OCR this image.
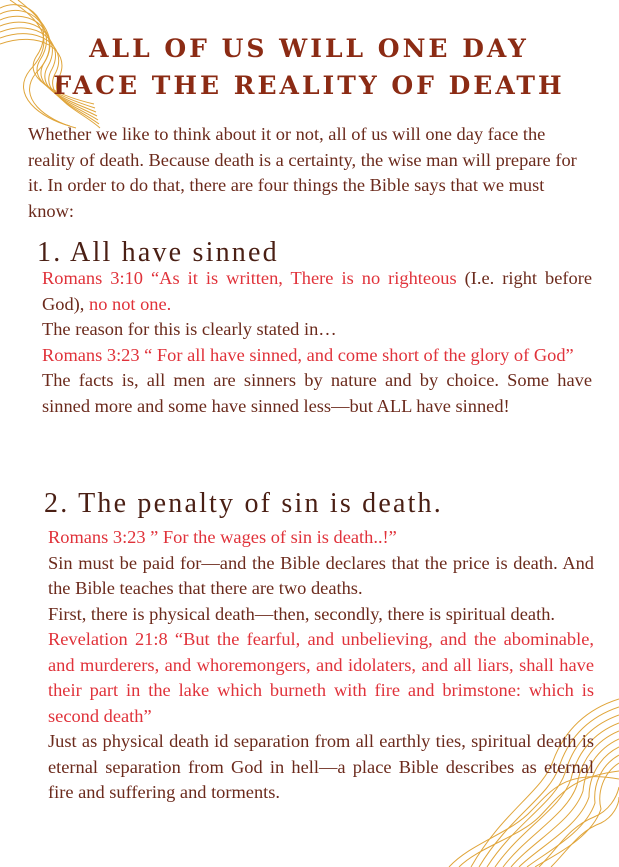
ALL OF US WILL ONE DAY
FACE THE REALITY OF DEATH
Whether we like to think about it or not, all of us will one day face the reality of death. Because death is a certainty, the wise man will prepare for it. In order to do that, there are four things the Bible says that we must know:
1. All have sinned

Romans 3:10 “As it is written, There is no righteous (I.e. right before God), no not one.

The reason for this is clearly stated in…

Romans 3:23 “ For all have sinned, and come short of the glory of God”

The facts is, all men are sinners by nature and by choice. Some have sinned more and some have sinned less—but ALL have sinned!

2. The penalty of sin is death.

Romans 3:23 ” For the wages of sin is death..!”

Sin must be paid for—and the Bible declares that the price is death. And the Bible teaches that there are two deaths.

First, there is physical death—then, secondly, there is spiritual death.

Revelation 21:8 “But the fearful, and unbelieving, and the abominable, and murderers, and whoremongers, and idolaters, and all liars, shall have their part in the lake which burneth with fire and brimstone: which is second death”

Just as physical death id separation from all earthly ties, spiritual death is eternal separation from God in hell—a place Bible describes as eternal fire and suffering and torments.
